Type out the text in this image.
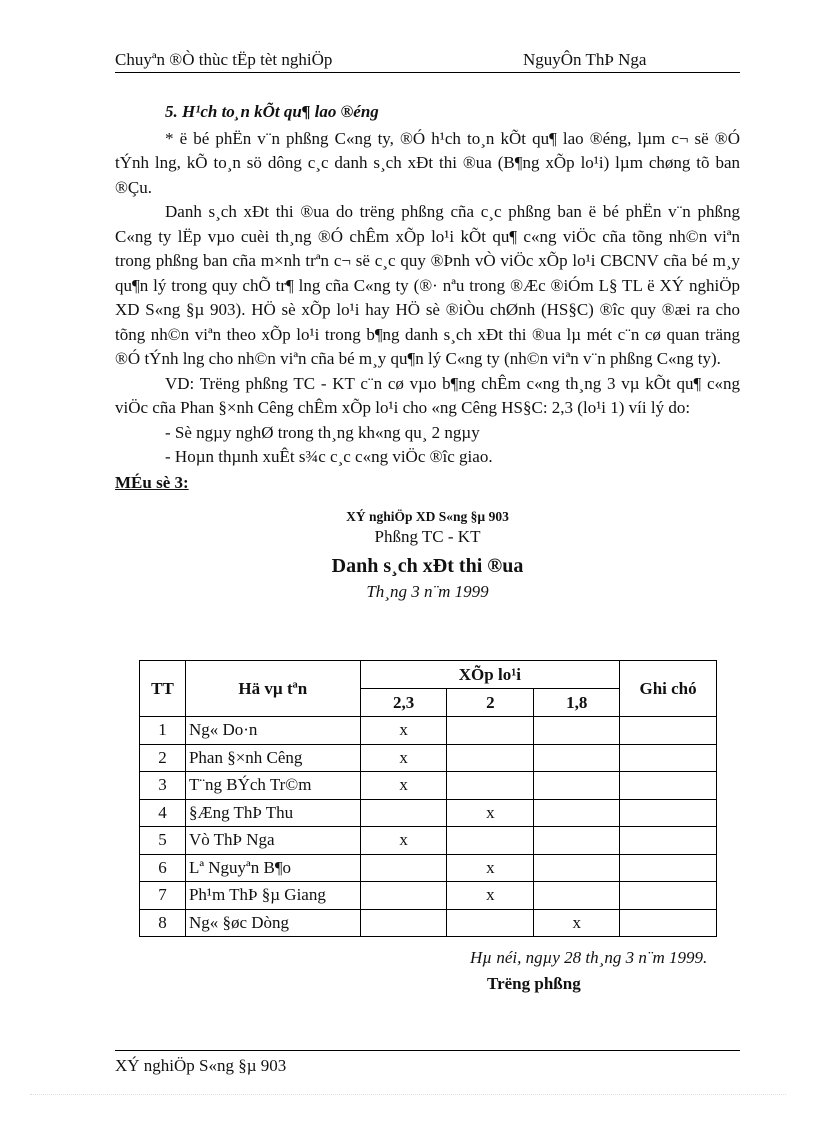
Chuyªn ®Ò thùc tËp tèt nghiÖp	NguyÔn ThÞ Nga
5. H¹ch to¸n kÕt qu¶ lao ®éng

* ë bé phËn v¨n phßng C«ng ty, ®Ó h¹ch to¸n kÕt qu¶ lao ®éng, lµm c¬ së ®Ó tÝnh lng, kÕ to¸n sö dông c¸c danh s¸ch xÐt thi ®ua (B¶ng xÕp lo¹i) lµm chøng tõ ban ®Çu.

Danh s¸ch xÐt thi ®ua do trëng phßng cña c¸c phßng ban ë bé phËn v¨n phßng C«ng ty lËp vµo cuèi th¸ng ®Ó chÊm xÕp lo¹i kÕt qu¶ c«ng viÖc cña tõng nh©n viªn trong phßng ban cña m×nh trªn c¬ së c¸c quy ®Þnh vÒ viÖc xÕp lo¹i CBCNV cña bé m¸y qu¶n lý trong quy chÕ tr¶ lng cña C«ng ty (®· nªu trong ®Æc ®iÓm L§ TL ë XÝ nghiÖp XD S«ng §µ 903). HÖ sè xÕp lo¹i hay HÖ sè ®iÒu chØnh (HS§C) ®îc quy ®æi ra cho tõng nh©n viªn theo xÕp lo¹i trong b¶ng danh s¸ch xÐt thi ®ua lµ mét c¨n cø quan träng ®Ó tÝnh lng cho nh©n viªn cña bé m¸y qu¶n lý C«ng ty (nh©n viªn v¨n phßng C«ng ty).

VD: Trëng phßng TC - KT c¨n cø vµo b¶ng chÊm c«ng th¸ng 3 vµ kÕt qu¶ c«ng viÖc cña Phan §×nh Cêng chÊm xÕp lo¹i cho «ng Cêng HS§C: 2,3 (lo¹i 1) víi lý do:

- Sè ngµy nghØ trong th¸ng kh«ng qu¸ 2 ngµy
- Hoµn thµnh xuÊt s¾c c¸c c«ng viÖc ®îc giao.
MÉu sè 3:
XÝ nghiÖp XD S«ng §µ 903
Phßng TC - KT
Danh s¸ch xÐt thi ®ua
Th¸ng 3 n¨m 1999
TT	Hä vµ tªn	XÕp lo¹i			Ghi chó
		2,3	2	1,8	
1	Ng« Do·n	x			
2	Phan §×nh Cêng	x			
3	T¨ng BÝch Tr©m	x			
4	§Æng ThÞ Thu		x		
5	Vò ThÞ Nga	x			
6	Lª Nguyªn B¶o		x		
7	Ph¹m ThÞ §µ Giang		x		
8	Ng« §øc Dòng			x	
Hµ néi, ngµy 28 th¸ng 3 n¨m 1999.
Trëng phßng
XÝ nghiÖp S«ng §µ 903
